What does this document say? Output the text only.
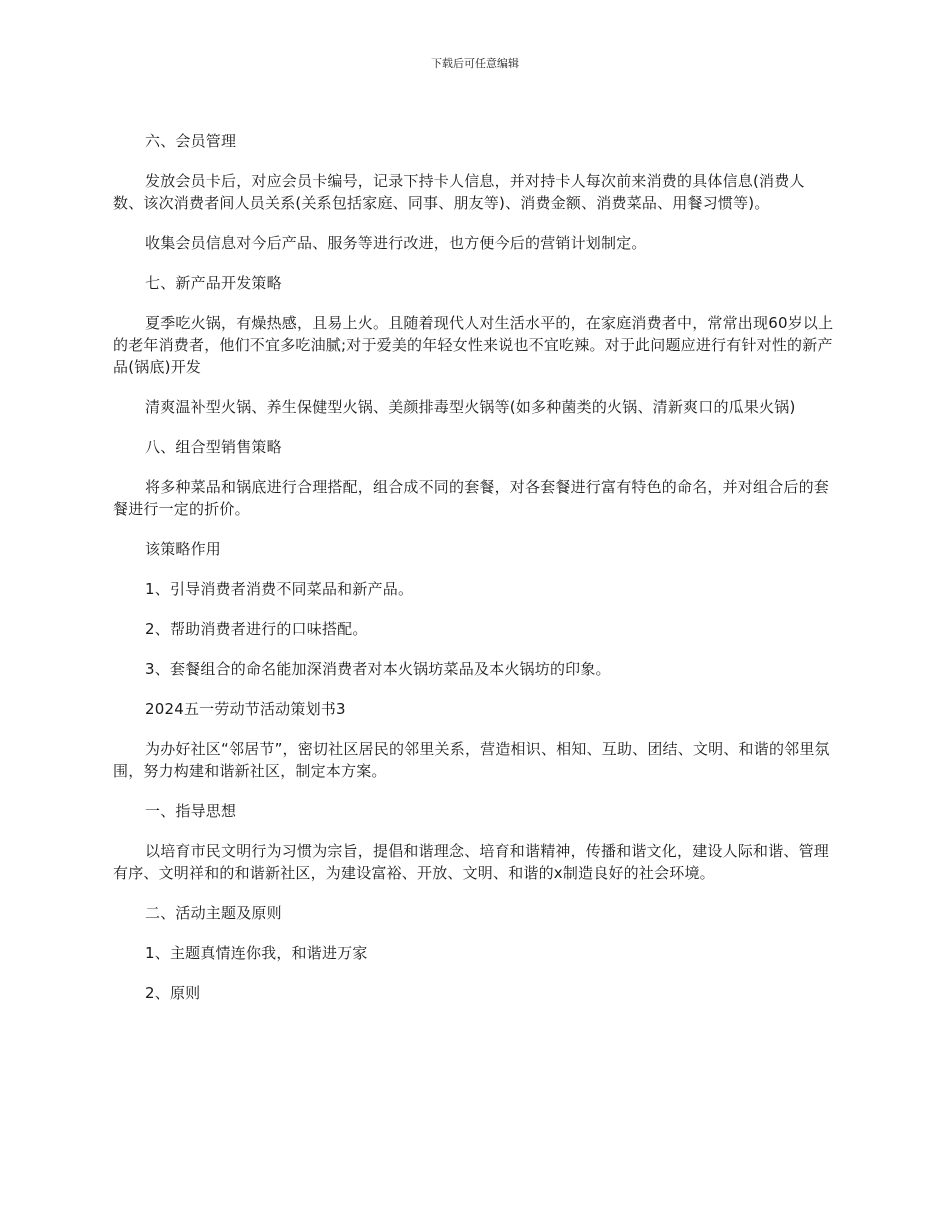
下载后可任意编辑

六、会员管理

发放会员卡后，对应会员卡编号，记录下持卡人信息，并对持卡人每次前来消费的具体信息(消费人数、该次消费者间人员关系(关系包括家庭、同事、朋友等)、消费金额、消费菜品、用餐习惯等)。

收集会员信息对今后产品、服务等进行改进，也方便今后的营销计划制定。

七、新产品开发策略

夏季吃火锅，有燥热感，且易上火。且随着现代人对生活水平的，在家庭消费者中，常常出现60岁以上的老年消费者，他们不宜多吃油腻;对于爱美的年轻女性来说也不宜吃辣。对于此问题应进行有针对性的新产品(锅底)开发

清爽温补型火锅、养生保健型火锅、美颜排毒型火锅等(如多种菌类的火锅、清新爽口的瓜果火锅)

八、组合型销售策略

将多种菜品和锅底进行合理搭配，组合成不同的套餐，对各套餐进行富有特色的命名，并对组合后的套餐进行一定的折价。

该策略作用

1、引导消费者消费不同菜品和新产品。

2、帮助消费者进行的口味搭配。

3、套餐组合的命名能加深消费者对本火锅坊菜品及本火锅坊的印象。

2024五一劳动节活动策划书3

为办好社区“邻居节”，密切社区居民的邻里关系，营造相识、相知、互助、团结、文明、和谐的邻里氛围，努力构建和谐新社区，制定本方案。

一、指导思想

以培育市民文明行为习惯为宗旨，提倡和谐理念、培育和谐精神，传播和谐文化，建设人际和谐、管理有序、文明祥和的和谐新社区，为建设富裕、开放、文明、和谐的x制造良好的社会环境。

二、活动主题及原则

1、主题真情连你我，和谐进万家

2、原则
